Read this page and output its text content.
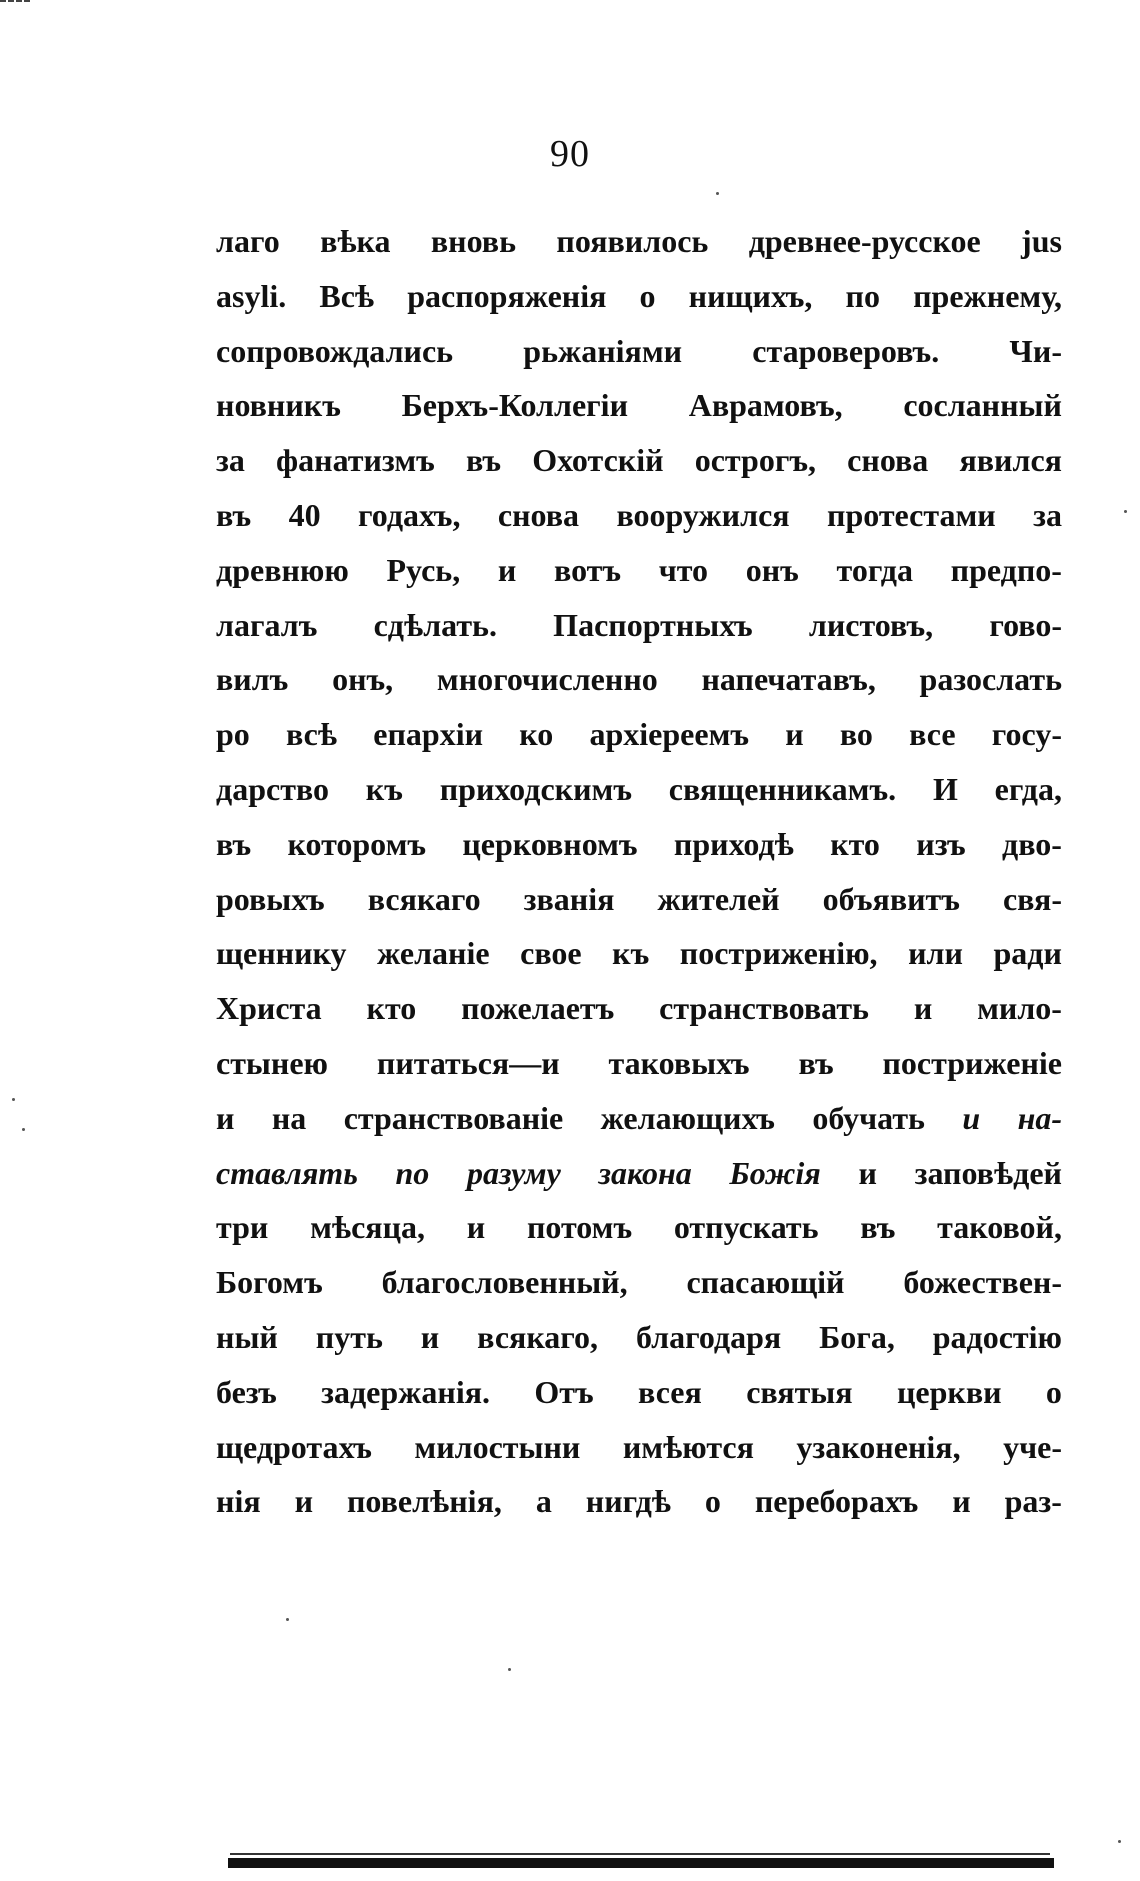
90
лаго вѣка вновь появилось древнее-русское jus
asyli. Всѣ распоряженія о нищихъ, по прежнему,
сопровождались рьжаніями староверовъ. Чи-
новникъ Берхъ-Коллегіи Аврамовъ, сосланный
за фанатизмъ въ Охотскій острогъ, снова явился
въ 40 годахъ, снова вооружился протестами за
древнюю Русь, и вотъ что онъ тогда предпо-
лагалъ сдѣлать. Паспортныхъ листовъ, гово-
вилъ онъ, многочисленно напечатавъ, разослать
ро всѣ епархіи ко архіереемъ и во все госу-
дарство къ приходскимъ священникамъ. И егда,
въ которомъ церковномъ приходѣ кто изъ дво-
ровыхъ всякаго званія жителей объявитъ свя-
щеннику желаніе свое къ постриженію, или ради
Христа кто пожелаетъ странствовать и мило-
стынею питаться—и таковыхъ въ постриженіе
и на странствованіе желающихъ обучать и на-
ставлять по разуму закона Божія и заповѣдей
три мѣсяца, и потомъ отпускать въ таковой,
Богомъ благословенный, спасающій божествен-
ный путь и всякаго, благодаря Бога, радостію
безъ задержанія. Отъ всея святыя церкви о
щедротахъ милостыни имѣются узаконенія, уче-
нія и повелѣнія, а нигдѣ о переборахъ и раз-
